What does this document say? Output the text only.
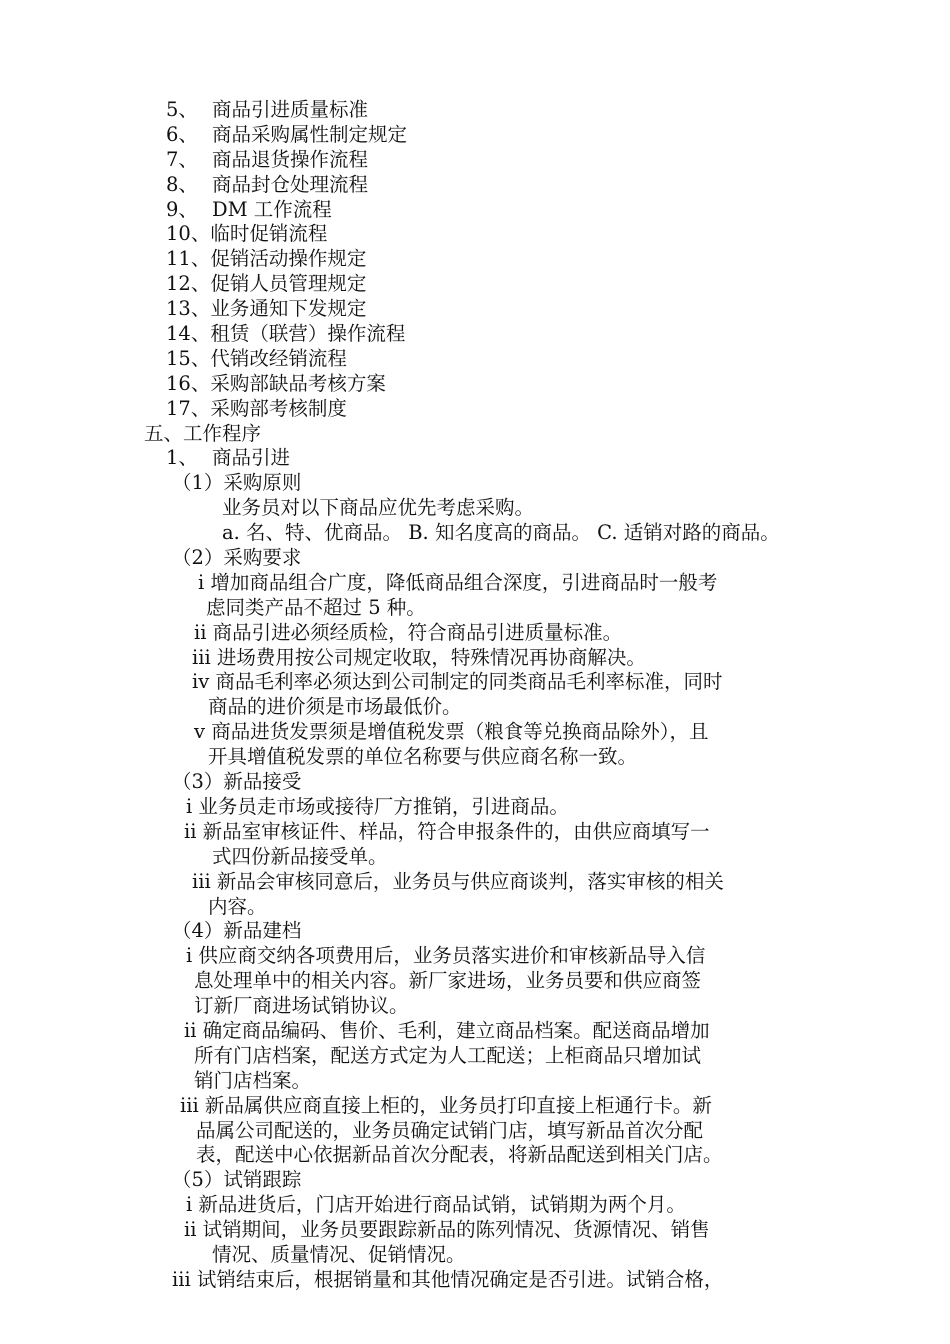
5、 商品引进质量标准
6、 商品采购属性制定规定
7、 商品退货操作流程
8、 商品封仓处理流程
9、 DM 工作流程
10、临时促销流程
11、促销活动操作规定
12、促销人员管理规定
13、业务通知下发规定
14、租赁（联营）操作流程
15、代销改经销流程
16、采购部缺品考核方案
17、采购部考核制度
五、工作程序
1、 商品引进
（1）采购原则
业务员对以下商品应优先考虑采购。
a. 名、特、优商品。 B. 知名度高的商品。 C. 适销对路的商品。
（2）采购要求
i 增加商品组合广度，降低商品组合深度，引进商品时一般考
虑同类产品不超过 5 种。
ii 商品引进必须经质检，符合商品引进质量标准。
iii 进场费用按公司规定收取，特殊情况再协商解决。
iv 商品毛利率必须达到公司制定的同类商品毛利率标准，同时
商品的进价须是市场最低价。
v 商品进货发票须是增值税发票（粮食等兑换商品除外），且
开具增值税发票的单位名称要与供应商名称一致。
（3）新品接受
i 业务员走市场或接待厂方推销，引进商品。
ii 新品室审核证件、样品，符合申报条件的，由供应商填写一
式四份新品接受单。
iii 新品会审核同意后，业务员与供应商谈判，落实审核的相关
内容。
（4）新品建档
i 供应商交纳各项费用后，业务员落实进价和审核新品导入信
息处理单中的相关内容。新厂家进场，业务员要和供应商签
订新厂商进场试销协议。
ii 确定商品编码、售价、毛利，建立商品档案。配送商品增加
所有门店档案，配送方式定为人工配送；上柜商品只增加试
销门店档案。
iii 新品属供应商直接上柜的，业务员打印直接上柜通行卡。新
品属公司配送的，业务员确定试销门店，填写新品首次分配
表，配送中心依据新品首次分配表，将新品配送到相关门店。
（5）试销跟踪
i 新品进货后，门店开始进行商品试销，试销期为两个月。
ii 试销期间，业务员要跟踪新品的陈列情况、货源情况、销售
情况、质量情况、促销情况。
iii 试销结束后，根据销量和其他情况确定是否引进。试销合格，
